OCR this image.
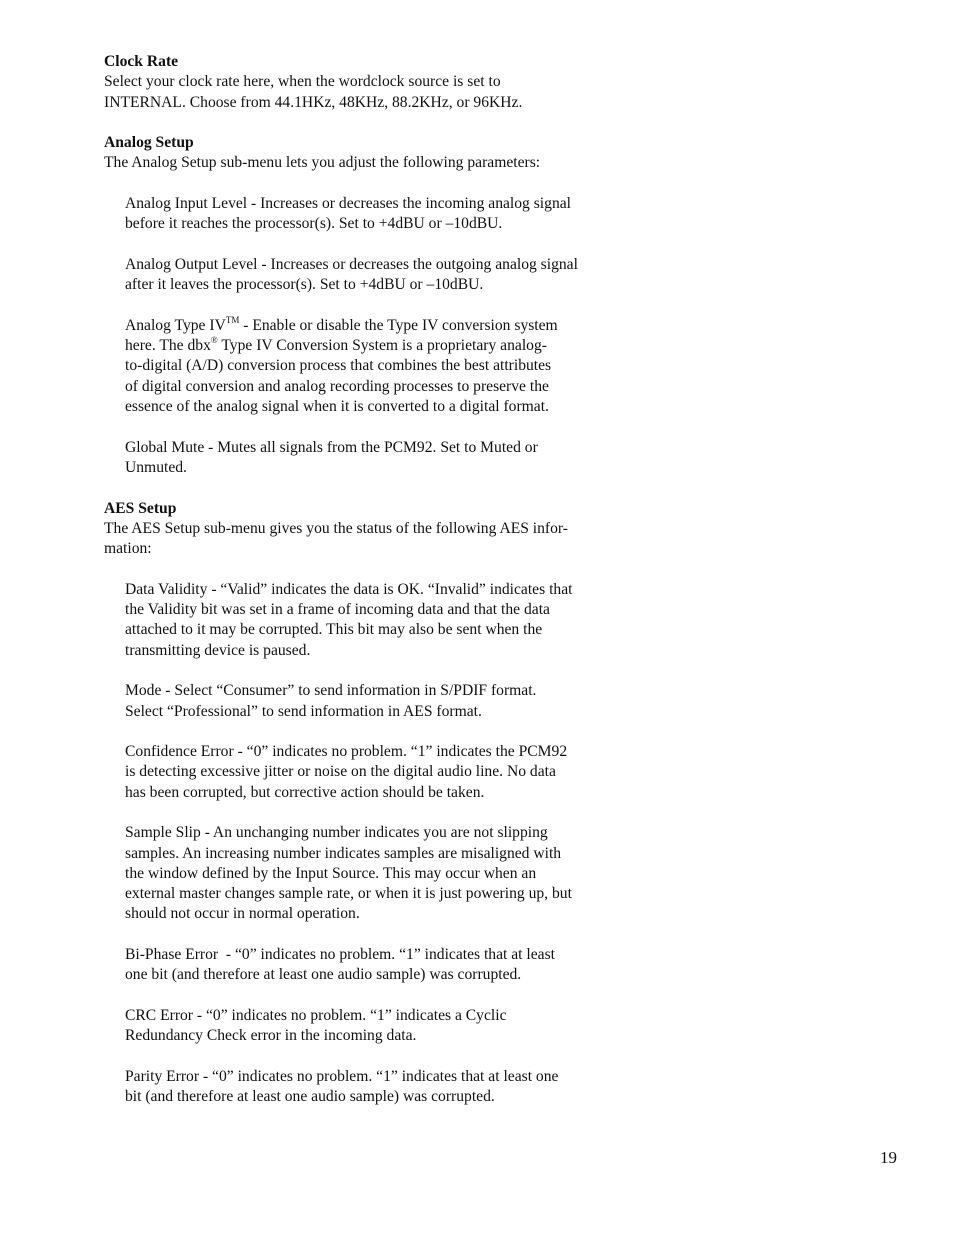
Clock Rate
Select your clock rate here, when the wordclock source is set to
INTERNAL. Choose from 44.1HKz, 48KHz, 88.2KHz, or 96KHz.
Analog Setup
The Analog Setup sub-menu lets you adjust the following parameters:
Analog Input Level - Increases or decreases the incoming analog signal
before it reaches the processor(s). Set to +4dBU or –10dBU.
Analog Output Level - Increases or decreases the outgoing analog signal
after it leaves the processor(s). Set to +4dBU or –10dBU.
Analog Type IV™ - Enable or disable the Type IV conversion system
here. The dbx® Type IV Conversion System is a proprietary analog-
to-digital (A/D) conversion process that combines the best attributes
of digital conversion and analog recording processes to preserve the
essence of the analog signal when it is converted to a digital format.
Global Mute - Mutes all signals from the PCM92. Set to Muted or
Unmuted.
AES Setup
The AES Setup sub-menu gives you the status of the following AES infor-
mation:
Data Validity - “Valid” indicates the data is OK. “Invalid” indicates that
the Validity bit was set in a frame of incoming data and that the data
attached to it may be corrupted. This bit may also be sent when the
transmitting device is paused.
Mode - Select “Consumer” to send information in S/PDIF format.
Select “Professional” to send information in AES format.
Confidence Error - “0” indicates no problem. “1” indicates the PCM92
is detecting excessive jitter or noise on the digital audio line. No data
has been corrupted, but corrective action should be taken.
Sample Slip - An unchanging number indicates you are not slipping
samples. An increasing number indicates samples are misaligned with
the window defined by the Input Source. This may occur when an
external master changes sample rate, or when it is just powering up, but
should not occur in normal operation.
Bi-Phase Error  - “0” indicates no problem. “1” indicates that at least
one bit (and therefore at least one audio sample) was corrupted.
CRC Error - “0” indicates no problem. “1” indicates a Cyclic
Redundancy Check error in the incoming data.
Parity Error - “0” indicates no problem. “1” indicates that at least one
bit (and therefore at least one audio sample) was corrupted.
19
